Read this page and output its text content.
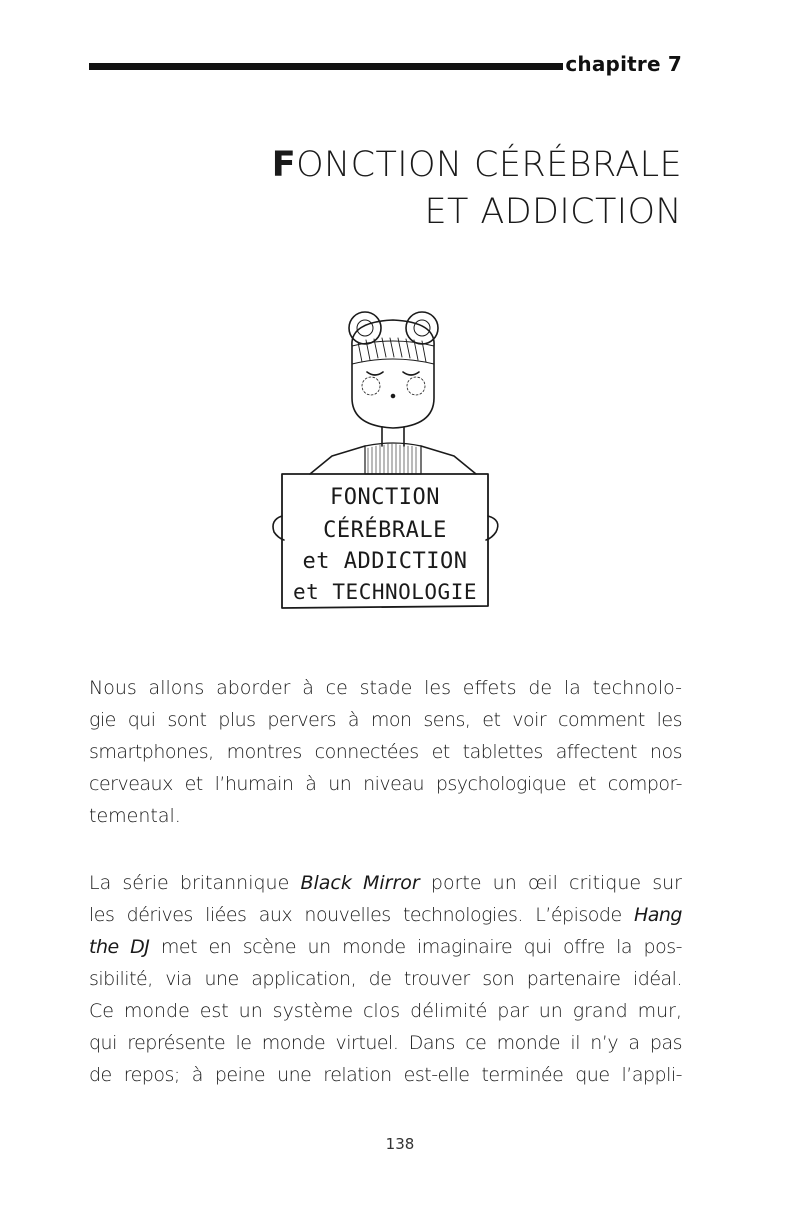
chapitre 7
FONCTION CÉRÉBRALE
ET ADDICTION
FONCTION
CÉRÉBRALE
et ADDICTION
et TECHNOLOGIE
Nous allons aborder à ce stade les effets de la technolo-
gie qui sont plus pervers à mon sens, et voir comment les
smartphones, montres connectées et tablettes affectent nos
cerveaux et l’humain à un niveau psychologique et compor-
temental.
La série britannique Black Mirror porte un œil critique sur
les dérives liées aux nouvelles technologies. L’épisode Hang
the DJ met en scène un monde imaginaire qui offre la pos-
sibilité, via une application, de trouver son partenaire idéal.
Ce monde est un système clos délimité par un grand mur,
qui représente le monde virtuel. Dans ce monde il n’y a pas
de repos; à peine une relation est-elle terminée que l’appli-
138
